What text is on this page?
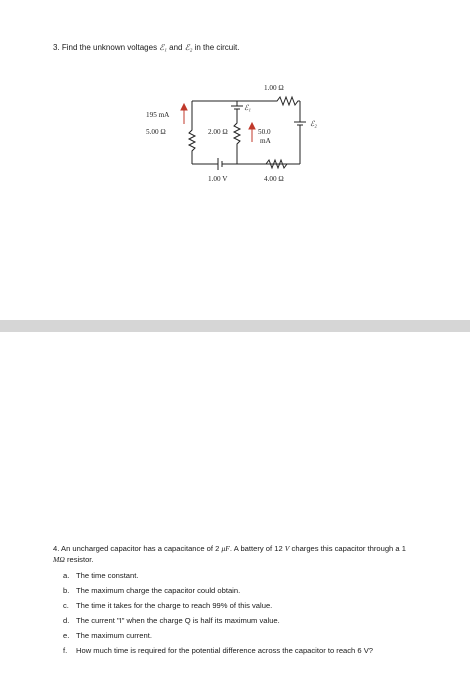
3. Find the unknown voltages ℰ₁ and ℰ₂ in the circuit.
1.00 Ω
195 mA
5.00 Ω	2.00 Ω
ℰ₁
50.0
mA
ℰ₂
1.00 V	4.00 Ω
4. An uncharged capacitor has a capacitance of 2 μF. A battery of 12 V charges this capacitor through a 1 MΩ resistor.
a. The time constant.
b. The maximum charge the capacitor could obtain.
c. The time it takes for the charge to reach 99% of this value.
d. The current "I" when the charge Q is half its maximum value.
e. The maximum current.
f.	How much time is required for the potential difference across the capacitor to reach 6 V?
